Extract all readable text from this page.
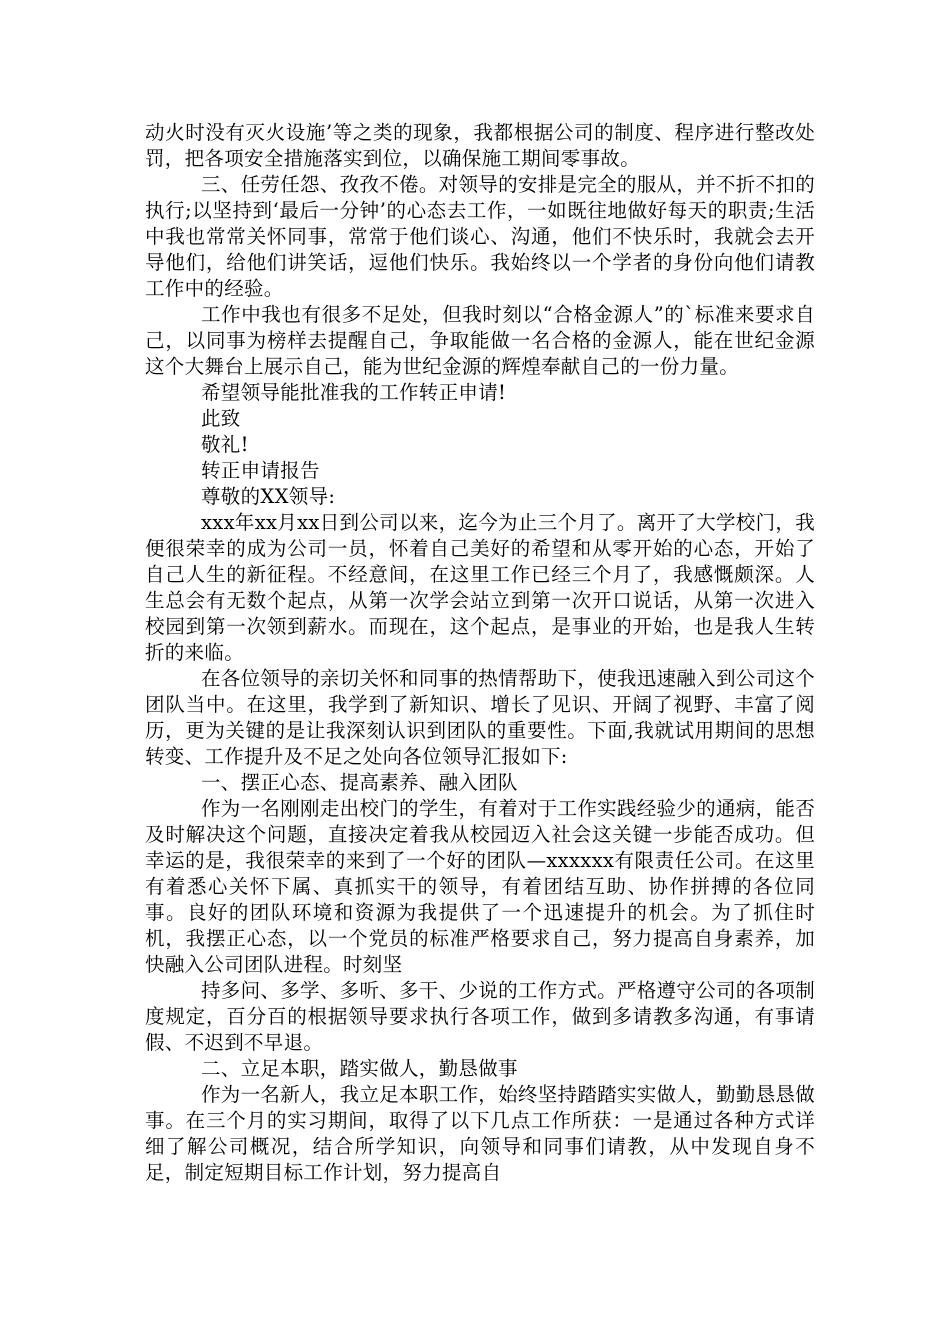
动火时没有灭火设施’等之类的现象，我都根据公司的制度、程序进行整改处罚，把各项安全措施落实到位，以确保施工期间零事故。

三、任劳任怨、孜孜不倦。对领导的安排是完全的服从，并不折不扣的执行;以坚持到‘最后一分钟’的心态去工作，一如既往地做好每天的职责;生活中我也常常关怀同事，常常于他们谈心、沟通，他们不快乐时，我就会去开导他们，给他们讲笑话，逗他们快乐。我始终以一个学者的身份向他们请教工作中的经验。

工作中我也有很多不足处，但我时刻以“合格金源人”的`标准来要求自己，以同事为榜样去提醒自己，争取能做一名合格的金源人，能在世纪金源这个大舞台上展示自己，能为世纪金源的辉煌奉献自己的一份力量。

希望领导能批准我的工作转正申请!

此致

敬礼!

转正申请报告

尊敬的XX领导:

xxx年xx月xx日到公司以来，迄今为止三个月了。离开了大学校门，我便很荣幸的成为公司一员，怀着自己美好的希望和从零开始的心态，开始了自己人生的新征程。不经意间，在这里工作已经三个月了，我感慨颇深。人生总会有无数个起点，从第一次学会站立到第一次开口说话，从第一次进入校园到第一次领到薪水。而现在，这个起点，是事业的开始，也是我人生转折的来临。

在各位领导的亲切关怀和同事的热情帮助下，使我迅速融入到公司这个团队当中。在这里，我学到了新知识、增长了见识、开阔了视野、丰富了阅历，更为关键的是让我深刻认识到团队的重要性。下面,我就试用期间的思想转变、工作提升及不足之处向各位领导汇报如下:

一、摆正心态、提高素养、融入团队

作为一名刚刚走出校门的学生，有着对于工作实践经验少的通病，能否及时解决这个问题，直接决定着我从校园迈入社会这关键一步能否成功。但幸运的是，我很荣幸的来到了一个好的团队—xxxxxx有限责任公司。在这里有着悉心关怀下属、真抓实干的领导，有着团结互助、协作拼搏的各位同事。良好的团队环境和资源为我提供了一个迅速提升的机会。为了抓住时机，我摆正心态，以一个党员的标准严格要求自己，努力提高自身素养，加快融入公司团队进程。时刻坚

持多问、多学、多听、多干、少说的工作方式。严格遵守公司的各项制度规定，百分百的根据领导要求执行各项工作，做到多请教多沟通，有事请假、不迟到不早退。

二、立足本职，踏实做人，勤恳做事

作为一名新人，我立足本职工作，始终坚持踏踏实实做人，勤勤恳恳做事。在三个月的实习期间，取得了以下几点工作所获：一是通过各种方式详细了解公司概况，结合所学知识，向领导和同事们请教，从中发现自身不足，制定短期目标工作计划，努力提高自
